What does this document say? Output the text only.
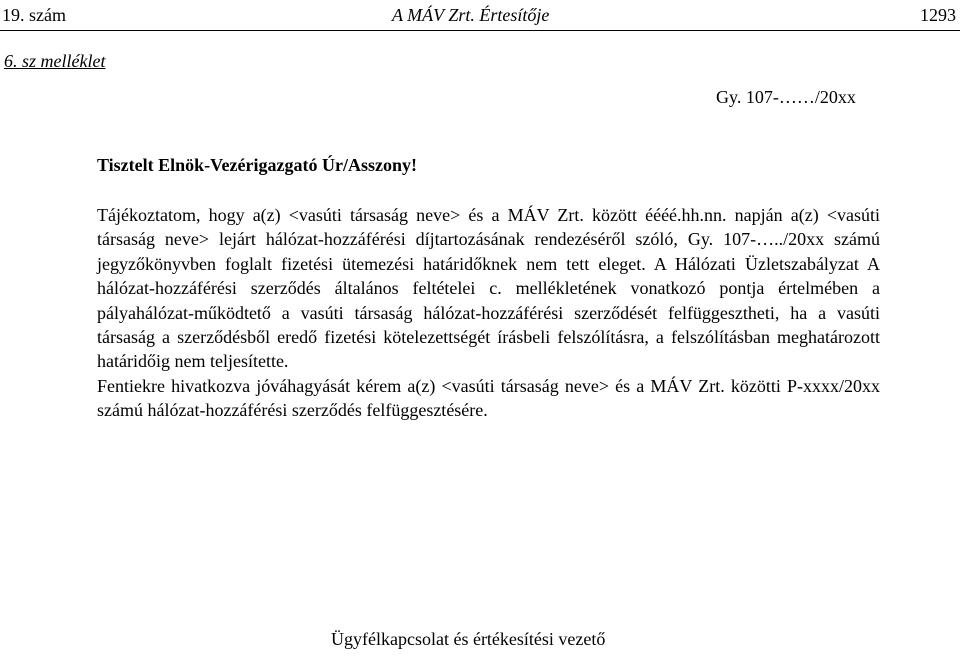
19. szám	A MÁV Zrt. Értesítője	1293
6. sz melléklet
Gy. 107-……/20xx
Tisztelt Elnök-Vezérigazgató Úr/Asszony!

Tájékoztatom, hogy a(z) <vasúti társaság neve> és a MÁV Zrt. között éééé.hh.nn. napján a(z) <vasúti társaság neve> lejárt hálózat-hozzáférési díjtartozásának rendezéséről szóló, Gy. 107-…../20xx számú jegyzőkönyvben foglalt fizetési ütemezési határidőknek nem tett eleget. A Hálózati Üzletszabályzat A hálózat-hozzáférési szerződés általános feltételei c. mellékletének vonatkozó pontja értelmében a pályahálózat-működtető a vasúti társaság hálózat-hozzáférési szerződését felfüggesztheti, ha a vasúti társaság a szerződésből eredő fizetési kötelezettségét írásbeli felszólításra, a felszólításban meghatározott határidőig nem teljesítette.

Fentiekre hivatkozva jóváhagyását kérem a(z) <vasúti társaság neve> és a MÁV Zrt. közötti P-xxxx/20xx számú hálózat-hozzáférési szerződés felfüggesztésére.

Ügyfélkapcsolat és értékesítési vezető
